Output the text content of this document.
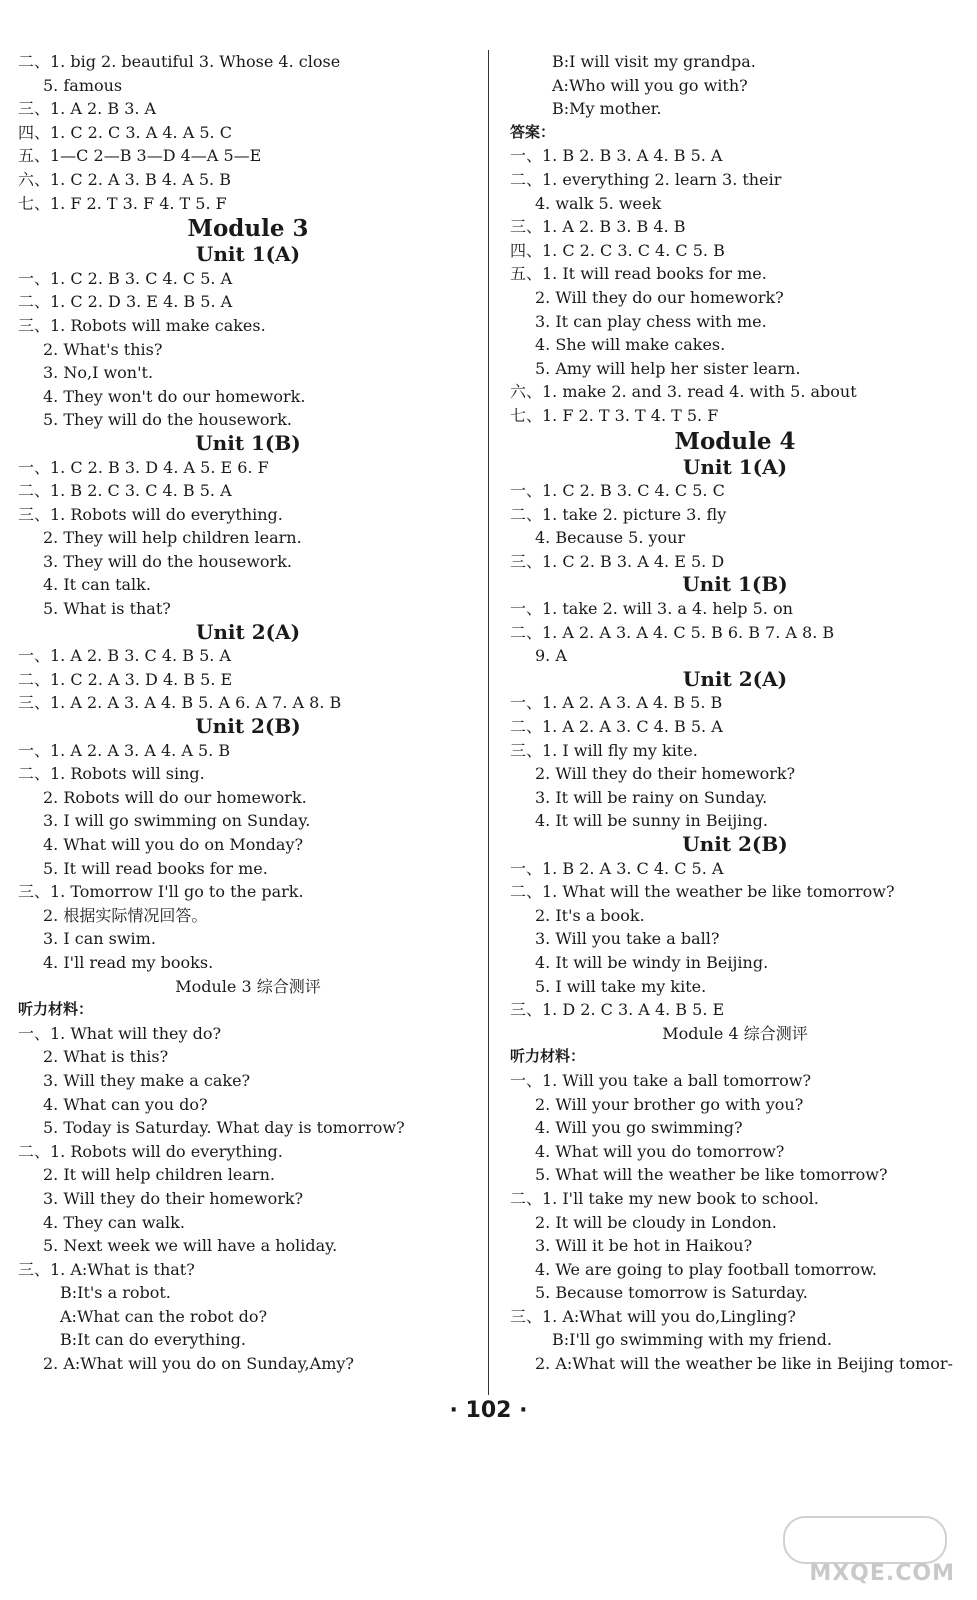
二、1. big 2. beautiful 3. Whose 4. close
5. famous
三、1. A 2. B 3. A
四、1. C 2. C 3. A 4. A 5. C
五、1—C 2—B 3—D 4—A 5—E
六、1. C 2. A 3. B 4. A 5. B
七、1. F 2. T 3. F 4. T 5. F
Module 3
Unit 1(A)
一、1. C 2. B 3. C 4. C 5. A
二、1. C 2. D 3. E 4. B 5. A
三、1. Robots will make cakes.
2. What's this?
3. No,I won't.
4. They won't do our homework.
5. They will do the housework.
Unit 1(B)
一、1. C 2. B 3. D 4. A 5. E 6. F
二、1. B 2. C 3. C 4. B 5. A
三、1. Robots will do everything.
2. They will help children learn.
3. They will do the housework.
4. It can talk.
5. What is that?
Unit 2(A)
一、1. A 2. B 3. C 4. B 5. A
二、1. C 2. A 3. D 4. B 5. E
三、1. A 2. A 3. A 4. B 5. A 6. A 7. A 8. B
Unit 2(B)
一、1. A 2. A 3. A 4. A 5. B
二、1. Robots will sing.
2. Robots will do our homework.
3. I will go swimming on Sunday.
4. What will you do on Monday?
5. It will read books for me.
三、1. Tomorrow I'll go to the park.
2. 根据实际情况回答。
3. I can swim.
4. I'll read my books.
Module 3 综合测评
听力材料：
一、1. What will they do?
2. What is this?
3. Will they make a cake?
4. What can you do?
5. Today is Saturday. What day is tomorrow?
二、1. Robots will do everything.
2. It will help children learn.
3. Will they do their homework?
4. They can walk.
5. Next week we will have a holiday.
三、1. A:What is that?
B:It's a robot.
A:What can the robot do?
B:It can do everything.
2. A:What will you do on Sunday,Amy?
B:I will visit my grandpa.
A:Who will you go with?
B:My mother.
答案：
一、1. B 2. B 3. A 4. B 5. A
二、1. everything 2. learn 3. their
4. walk 5. week
三、1. A 2. B 3. B 4. B
四、1. C 2. C 3. C 4. C 5. B
五、1. It will read books for me.
2. Will they do our homework?
3. It can play chess with me.
4. She will make cakes.
5. Amy will help her sister learn.
六、1. make 2. and 3. read 4. with 5. about
七、1. F 2. T 3. T 4. T 5. F
Module 4
Unit 1(A)
一、1. C 2. B 3. C 4. C 5. C
二、1. take 2. picture 3. fly
4. Because 5. your
三、1. C 2. B 3. A 4. E 5. D
Unit 1(B)
一、1. take 2. will 3. a 4. help 5. on
二、1. A 2. A 3. A 4. C 5. B 6. B 7. A 8. B
9. A
Unit 2(A)
一、1. A 2. A 3. A 4. B 5. B
二、1. A 2. A 3. C 4. B 5. A
三、1. I will fly my kite.
2. Will they do their homework?
3. It will be rainy on Sunday.
4. It will be sunny in Beijing.
Unit 2(B)
一、1. B 2. A 3. C 4. C 5. A
二、1. What will the weather be like tomorrow?
2. It's a book.
3. Will you take a ball?
4. It will be windy in Beijing.
5. I will take my kite.
三、1. D 2. C 3. A 4. B 5. E
Module 4 综合测评
听力材料：
一、1. Will you take a ball tomorrow?
2. Will your brother go with you?
4. Will you go swimming?
4. What will you do tomorrow?
5. What will the weather be like tomorrow?
二、1. I'll take my new book to school.
2. It will be cloudy in London.
3. Will it be hot in Haikou?
4. We are going to play football tomorrow.
5. Because tomorrow is Saturday.
三、1. A:What will you do,Lingling?
B:I'll go swimming with my friend.
2. A:What will the weather be like in Beijing tomor-
· 102 ·
MXQE.COM
